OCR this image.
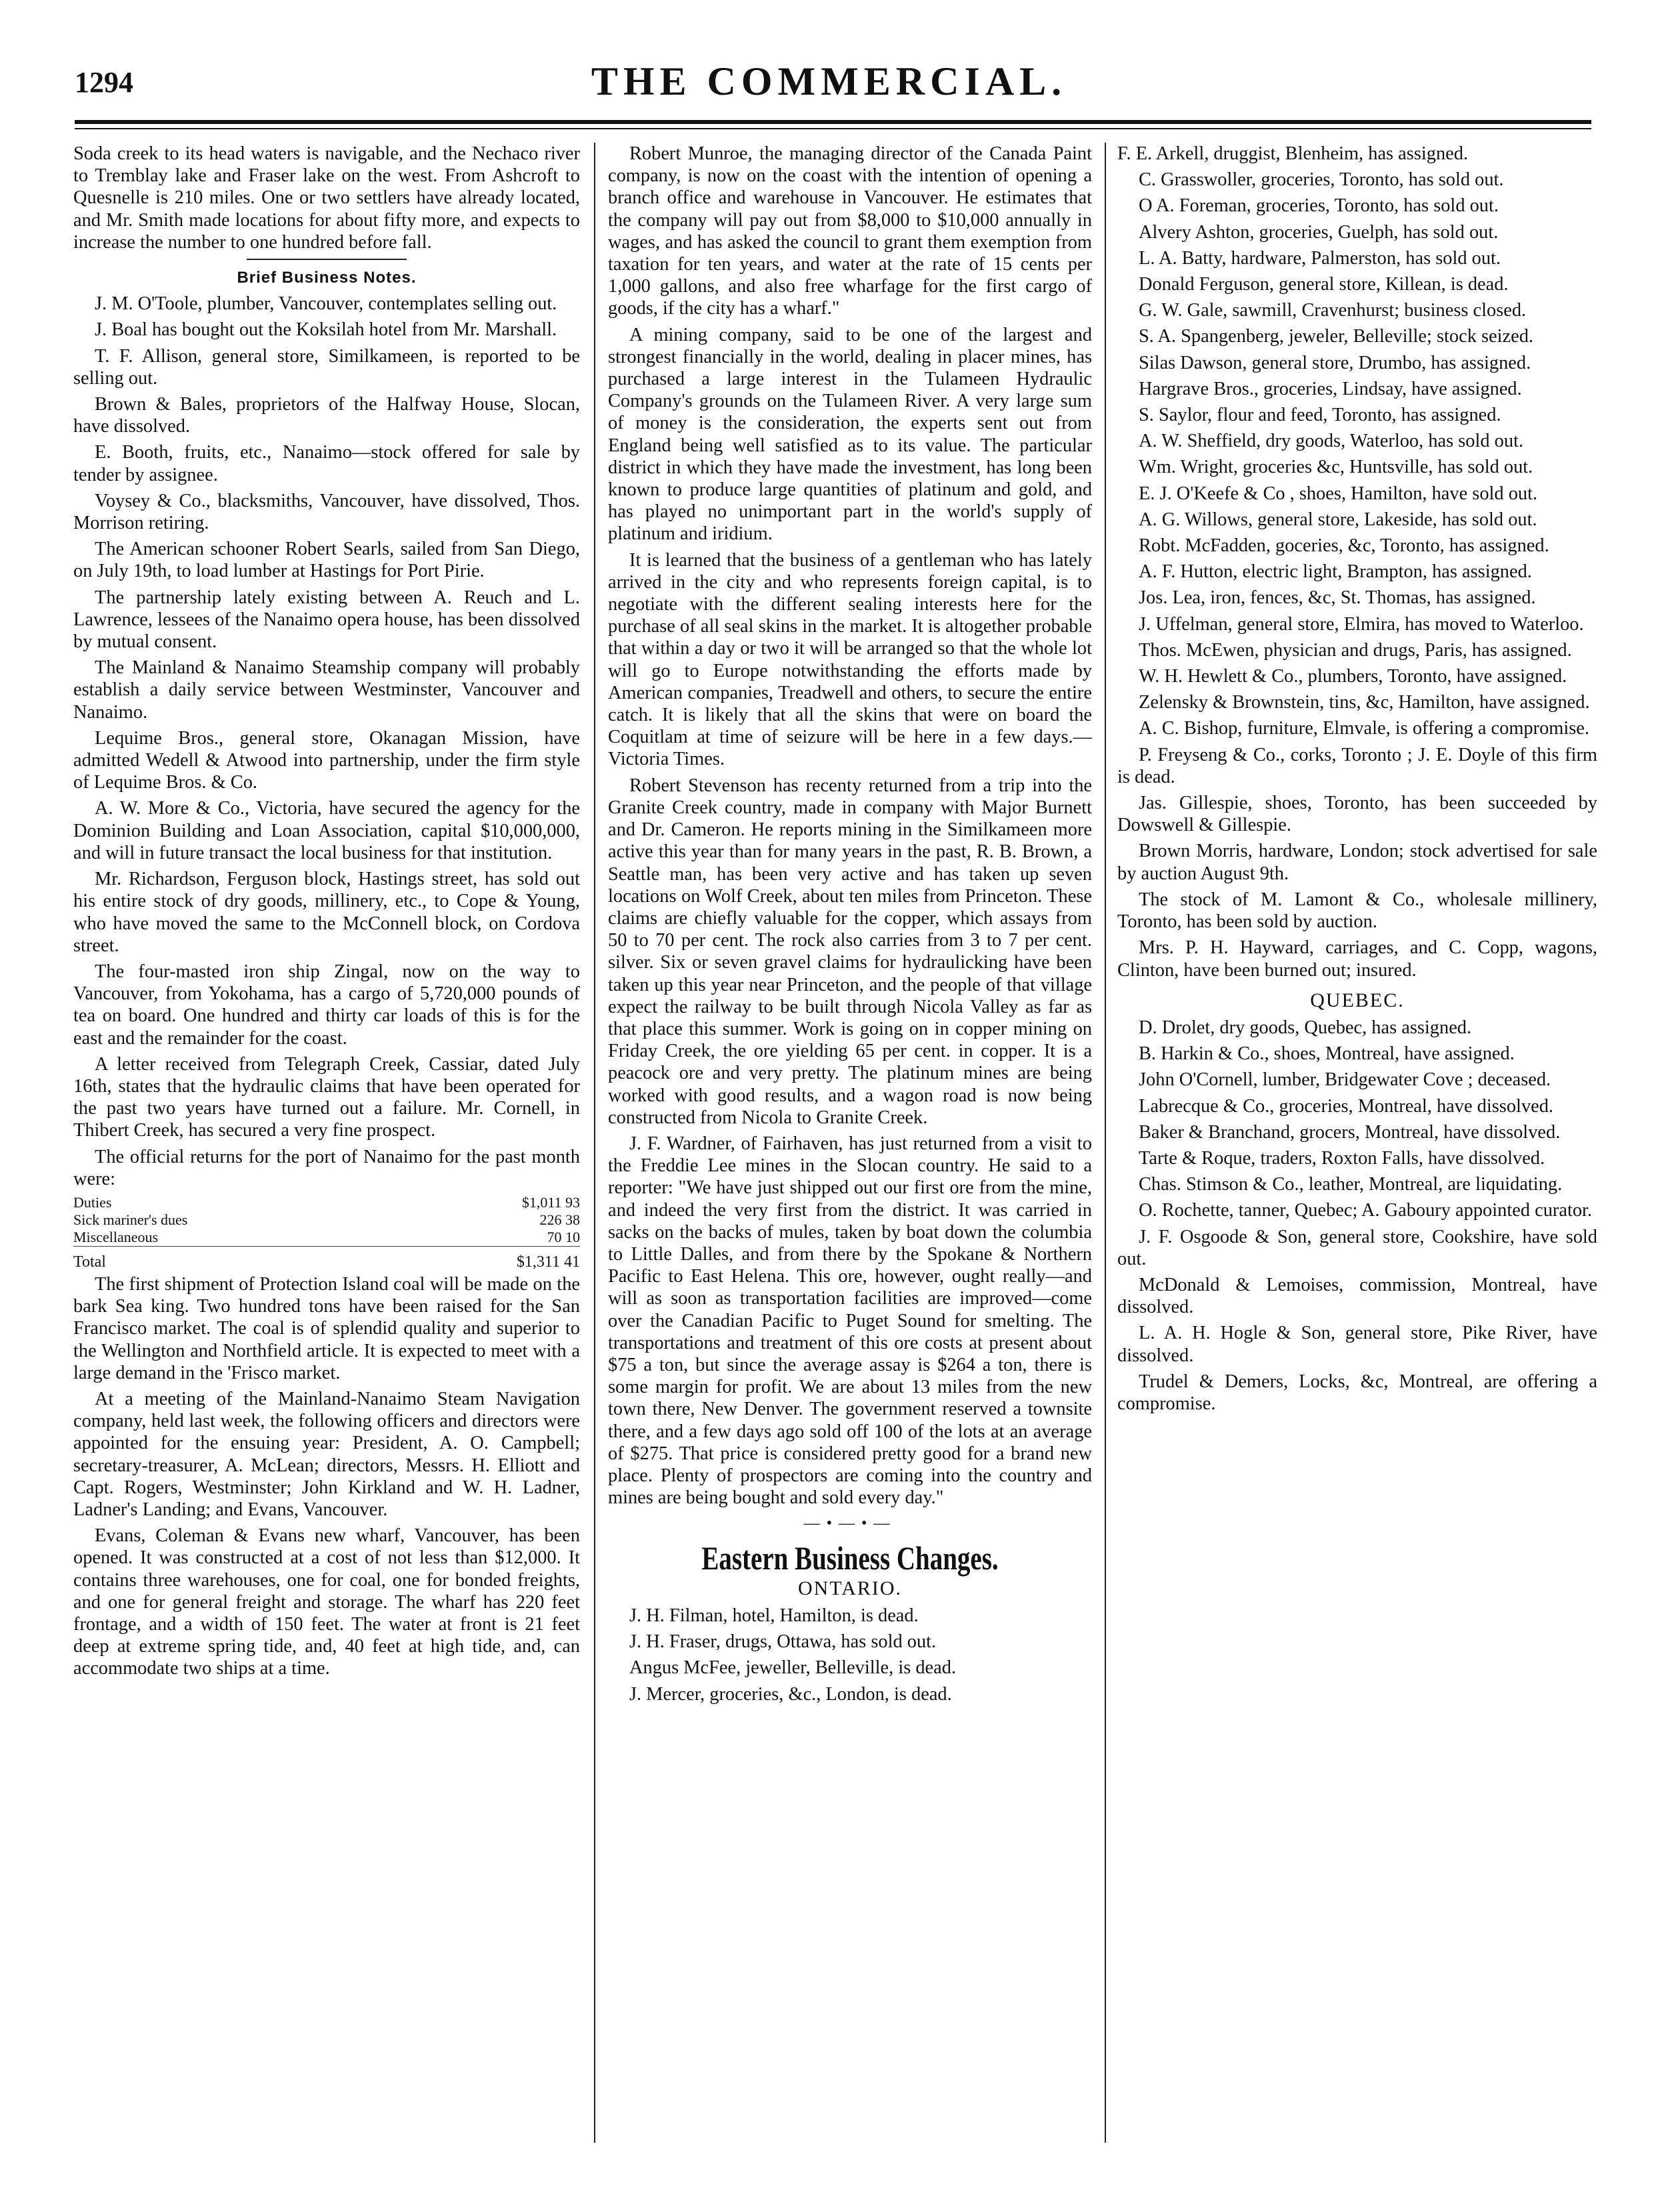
1294	THE COMMERCIAL.

Soda creek to its head waters is navigable, and the Nechaco river to Tremblay lake and Fraser lake on the west. From Ashcroft to Quesnelle is 210 miles. One or two settlers have already located, and Mr. Smith made locations for about fifty more, and expects to increase the number to one hundred before fall.

Brief Business Notes.

J. M. O'Toole, plumber, Vancouver, contemplates selling out.

J. Boal has bought out the Koksilah hotel from Mr. Marshall.

T. F. Allison, general store, Similkameen, is reported to be selling out.

Brown & Bales, proprietors of the Halfway House, Slocan, have dissolved.

E. Booth, fruits, etc., Nanaimo—stock offered for sale by tender by assignee.

Voysey & Co., blacksmiths, Vancouver, have dissolved, Thos. Morrison retiring.

The American schooner Robert Searls, sailed from San Diego, on July 19th, to load lumber at Hastings for Port Pirie.

The partnership lately existing between A. Reuch and L. Lawrence, lessees of the Nanaimo opera house, has been dissolved by mutual consent.

The Mainland & Nanaimo Steamship company will probably establish a daily service between Westminster, Vancouver and Nanaimo.

Lequime Bros., general store, Okanagan Mission, have admitted Wedell & Atwood into partnership, under the firm style of Lequime Bros. & Co.

A. W. More & Co., Victoria, have secured the agency for the Dominion Building and Loan Association, capital $10,000,000, and will in future transact the local business for that institution.

Mr. Richardson, Ferguson block, Hastings street, has sold out his entire stock of dry goods, millinery, etc., to Cope & Young, who have moved the same to the McConnell block, on Cordova street.

The four-masted iron ship Zingal, now on the way to Vancouver, from Yokohama, has a cargo of 5,720,000 pounds of tea on board. One hundred and thirty car loads of this is for the east and the remainder for the coast.

A letter received from Telegraph Creek, Cassiar, dated July 16th, states that the hydraulic claims that have been operated for the past two years have turned out a failure. Mr. Cornell, in Thibert Creek, has secured a very fine prospect.

The official returns for the port of Nanaimo for the past month were:

Duties	$1,011 93
Sick mariner's dues	226 38
Miscellaneous	70 10
Total	$1,311 41

The first shipment of Protection Island coal will be made on the bark Sea king. Two hundred tons have been raised for the San Francisco market. The coal is of splendid quality and superior to the Wellington and Northfield article. It is expected to meet with a large demand in the 'Frisco market.

At a meeting of the Mainland-Nanaimo Steam Navigation company, held last week, the following officers and directors were appointed for the ensuing year: President, A. O. Campbell; secretary-treasurer, A. McLean; directors, Messrs. H. Elliott and Capt. Rogers, Westminster; John Kirkland and W. H. Ladner, Ladner's Landing; and Evans, Vancouver.

Evans, Coleman & Evans new wharf, Vancouver, has been opened. It was constructed at a cost of not less than $12,000. It contains three warehouses, one for coal, one for bonded freights, and one for general freight and storage. The wharf has 220 feet frontage, and a width of 150 feet. The water at front is 21 feet deep at extreme spring tide, and, 40 feet at high tide, and, can accommodate two ships at a time.

Robert Munroe, the managing director of the Canada Paint company, is now on the coast with the intention of opening a branch office and warehouse in Vancouver. He estimates that the company will pay out from $8,000 to $10,000 annually in wages, and has asked the council to grant them exemption from taxation for ten years, and water at the rate of 15 cents per 1,000 gallons, and also free wharfage for the first cargo of goods, if the city has a wharf."

A mining company, said to be one of the largest and strongest financially in the world, dealing in placer mines, has purchased a large interest in the Tulameen Hydraulic Company's grounds on the Tulameen River. A very large sum of money is the consideration, the experts sent out from England being well satisfied as to its value. The particular district in which they have made the investment, has long been known to produce large quantities of platinum and gold, and has played no unimportant part in the world's supply of platinum and iridium.

It is learned that the business of a gentleman who has lately arrived in the city and who represents foreign capital, is to negotiate with the different sealing interests here for the purchase of all seal skins in the market. It is altogether probable that within a day or two it will be arranged so that the whole lot will go to Europe notwithstanding the efforts made by American companies, Treadwell and others, to secure the entire catch. It is likely that all the skins that were on board the Coquitlam at time of seizure will be here in a few days.—Victoria Times.

Robert Stevenson has recenty returned from a trip into the Granite Creek country, made in company with Major Burnett and Dr. Cameron. He reports mining in the Similkameen more active this year than for many years in the past, R. B. Brown, a Seattle man, has been very active and has taken up seven locations on Wolf Creek, about ten miles from Princeton. These claims are chiefly valuable for the copper, which assays from 50 to 70 per cent. The rock also carries from 3 to 7 per cent. silver. Six or seven gravel claims for hydraulicking have been taken up this year near Princeton, and the people of that village expect the railway to be built through Nicola Valley as far as that place this summer. Work is going on in copper mining on Friday Creek, the ore yielding 65 per cent. in copper. It is a peacock ore and very pretty. The platinum mines are being worked with good results, and a wagon road is now being constructed from Nicola to Granite Creek.

J. F. Wardner, of Fairhaven, has just returned from a visit to the Freddie Lee mines in the Slocan country. He said to a reporter: "We have just shipped out our first ore from the mine, and indeed the very first from the district. It was carried in sacks on the backs of mules, taken by boat down the columbia to Little Dalles, and from there by the Spokane & Northern Pacific to East Helena. This ore, however, ought really—and will as soon as transportation facilities are improved—come over the Canadian Pacific to Puget Sound for smelting. The transportations and treatment of this ore costs at present about $75 a ton, but since the average assay is $264 a ton, there is some margin for profit. We are about 13 miles from the new town there, New Denver. The government reserved a townsite there, and a few days ago sold off 100 of the lots at an average of $275. That price is considered pretty good for a brand new place. Plenty of prospectors are coming into the country and mines are being bought and sold every day."

—•—•—
Eastern Business Changes.
ONTARIO.

J. H. Filman, hotel, Hamilton, is dead.

J. H. Fraser, drugs, Ottawa, has sold out.

Angus McFee, jeweller, Belleville, is dead.

J. Mercer, groceries, &c., London, is dead.

F. E. Arkell, druggist, Blenheim, has assigned.

C. Grasswoller, groceries, Toronto, has sold out.

O A. Foreman, groceries, Toronto, has sold out.

Alvery Ashton, groceries, Guelph, has sold out.

L. A. Batty, hardware, Palmerston, has sold out.

Donald Ferguson, general store, Killean, is dead.

G. W. Gale, sawmill, Cravenhurst; business closed.

S. A. Spangenberg, jeweler, Belleville; stock seized.

Silas Dawson, general store, Drumbo, has assigned.

Hargrave Bros., groceries, Lindsay, have assigned.

S. Saylor, flour and feed, Toronto, has assigned.

A. W. Sheffield, dry goods, Waterloo, has sold out.

Wm. Wright, groceries &c, Huntsville, has sold out.

E. J. O'Keefe & Co , shoes, Hamilton, have sold out.

A. G. Willows, general store, Lakeside, has sold out.

Robt. McFadden, goceries, &c, Toronto, has assigned.

A. F. Hutton, electric light, Brampton, has assigned.

Jos. Lea, iron, fences, &c, St. Thomas, has assigned.

J. Uffelman, general store, Elmira, has moved to Waterloo.

Thos. McEwen, physician and drugs, Paris, has assigned.

W. H. Hewlett & Co., plumbers, Toronto, have assigned.

Zelensky & Brownstein, tins, &c, Hamilton, have assigned.

A. C. Bishop, furniture, Elmvale, is offering a compromise.

P. Freyseng & Co., corks, Toronto ; J. E. Doyle of this firm is dead.

Jas. Gillespie, shoes, Toronto, has been succeeded by Dowswell & Gillespie.

Brown Morris, hardware, London; stock advertised for sale by auction August 9th.

The stock of M. Lamont & Co., wholesale millinery, Toronto, has been sold by auction.

Mrs. P. H. Hayward, carriages, and C. Copp, wagons, Clinton, have been burned out; insured.

QUEBEC.

D. Drolet, dry goods, Quebec, has assigned.

B. Harkin & Co., shoes, Montreal, have assigned.

John O'Cornell, lumber, Bridgewater Cove ; deceased.

Labrecque & Co., groceries, Montreal, have dissolved.

Baker & Branchand, grocers, Montreal, have dissolved.

Tarte & Roque, traders, Roxton Falls, have dissolved.

Chas. Stimson & Co., leather, Montreal, are liquidating.

O. Rochette, tanner, Quebec; A. Gaboury appointed curator.

J. F. Osgoode & Son, general store, Cookshire, have sold out.

McDonald & Lemoises, commission, Montreal, have dissolved.

L. A. H. Hogle & Son, general store, Pike River, have dissolved.

Trudel & Demers, Locks, &c, Montreal, are offering a compromise.
